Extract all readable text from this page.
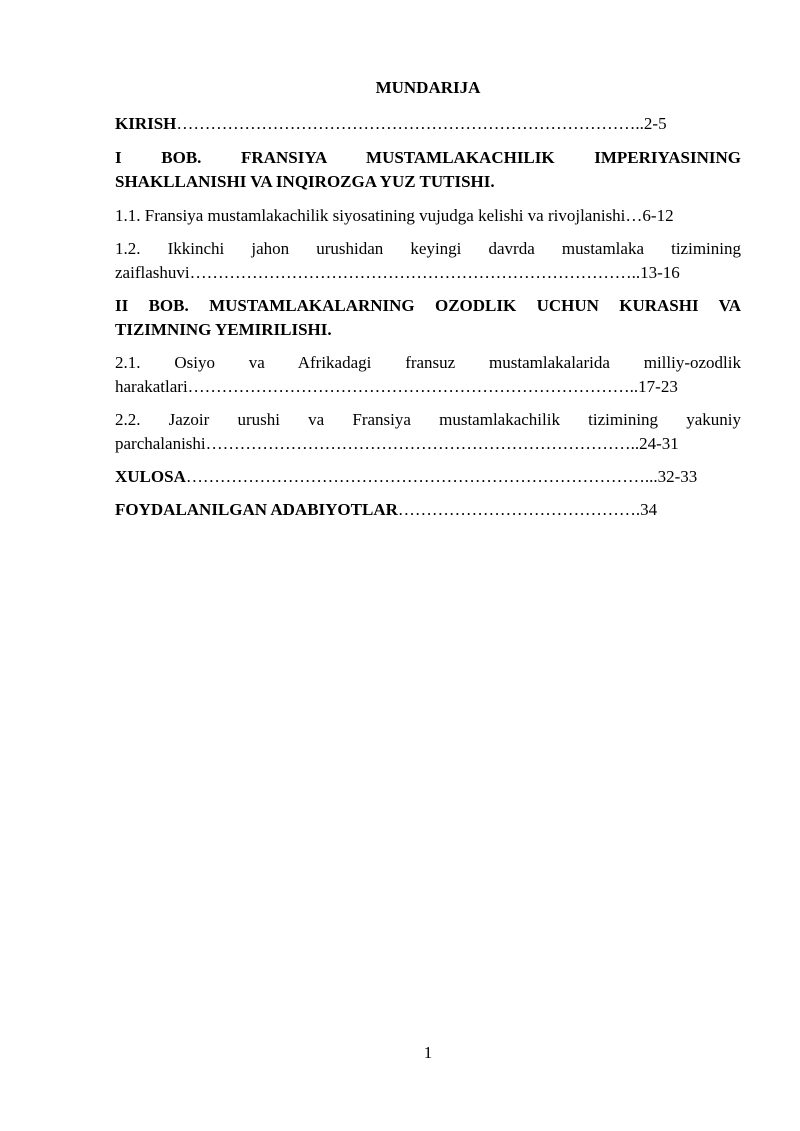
MUNDARIJA
KIRISH………………………………………………………………………..2-5
I BOB. FRANSIYA MUSTAMLAKACHILIK IMPERIYASINING
SHAKLLANISHI VA INQIROZGA YUZ TUTISHI.
1.1. Fransiya mustamlakachilik siyosatining vujudga kelishi va rivojlanishi…6-12
1.2. Ikkinchi jahon urushidan keyingi davrda mustamlaka tizimining
zaiflashuvi……………………………………………………………………..13-16
II BOB. MUSTAMLAKALARNING OZODLIK UCHUN KURASHI VA
TIZIMNING YEMIRILISHI.
2.1. Osiyo va Afrikadagi fransuz mustamlakalarida milliy-ozodlik
harakatlari……………………………………………………………………..17-23
2.2. Jazoir urushi va Fransiya mustamlakachilik tizimining yakuniy
parchalanishi…………………………………………………………………..24-31
XULOSA………………………………………………………………………...32-33
FOYDALANILGAN ADABIYOTLAR…………………………………….34
1
